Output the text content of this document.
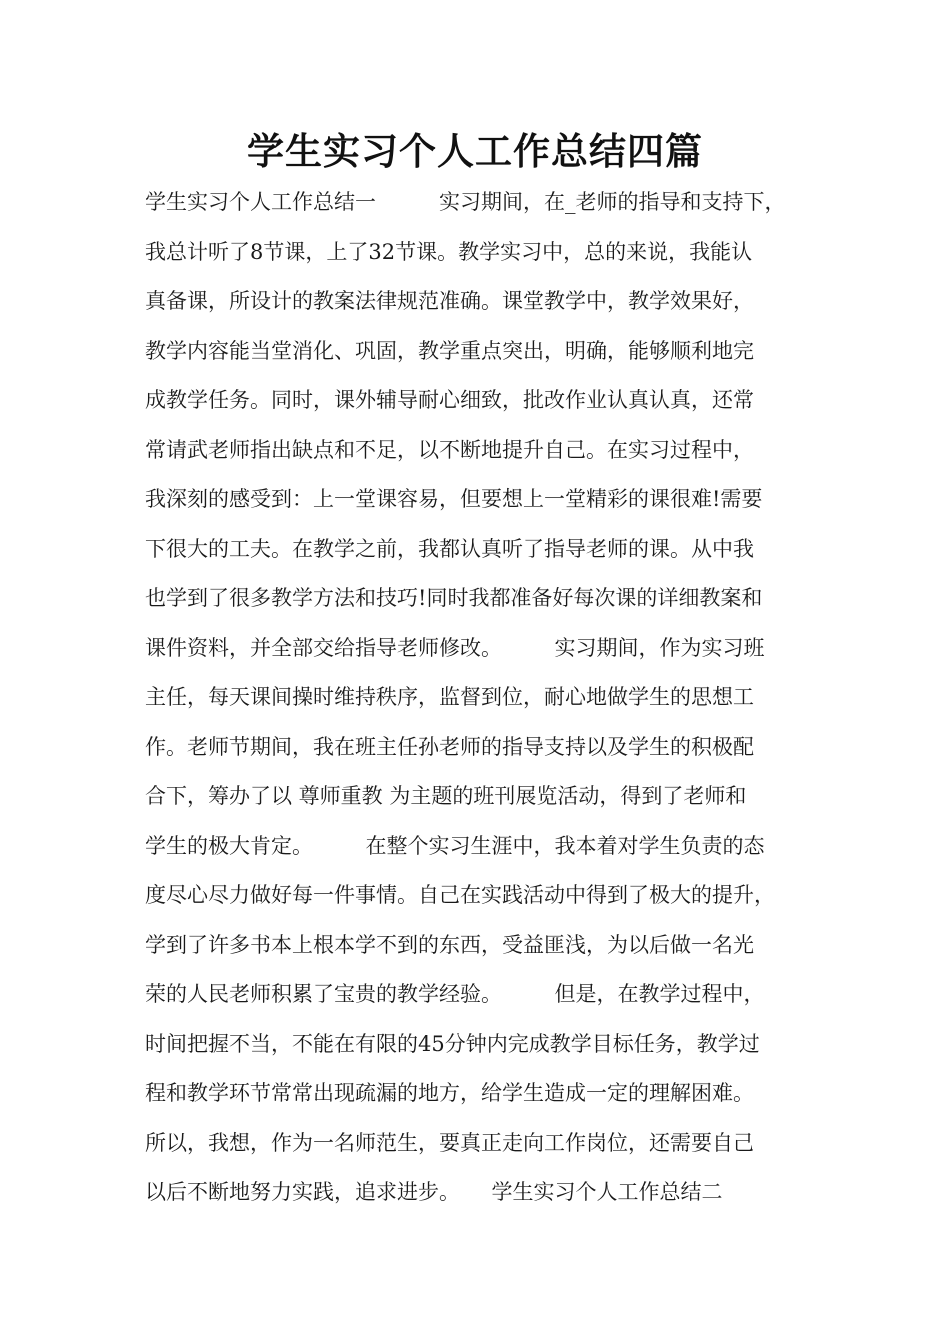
学生实习个人工作总结四篇
学生实习个人工作总结一　　　实习期间，在_老师的指导和支持下，
我总计听了8节课，上了32节课。教学实习中，总的来说，我能认
真备课，所设计的教案法律规范准确。课堂教学中，教学效果好，
教学内容能当堂消化、巩固，教学重点突出，明确，能够顺利地完
成教学任务。同时，课外辅导耐心细致，批改作业认真认真，还常
常请武老师指出缺点和不足，以不断地提升自己。在实习过程中，
我深刻的感受到：上一堂课容易，但要想上一堂精彩的课很难!需要
下很大的工夫。在教学之前，我都认真听了指导老师的课。从中我
也学到了很多教学方法和技巧!同时我都准备好每次课的详细教案和
课件资料，并全部交给指导老师修改。　　　实习期间，作为实习班
主任，每天课间操时维持秩序，监督到位，耐心地做学生的思想工
作。老师节期间，我在班主任孙老师的指导支持以及学生的积极配
合下，筹办了以 尊师重教 为主题的班刊展览活动，得到了老师和
学生的极大肯定。　　　在整个实习生涯中，我本着对学生负责的态
度尽心尽力做好每一件事情。自己在实践活动中得到了极大的提升，
学到了许多书本上根本学不到的东西，受益匪浅，为以后做一名光
荣的人民老师积累了宝贵的教学经验。　　　但是，在教学过程中，
时间把握不当，不能在有限的45分钟内完成教学目标任务，教学过
程和教学环节常常出现疏漏的地方，给学生造成一定的理解困难。
所以，我想，作为一名师范生，要真正走向工作岗位，还需要自己
以后不断地努力实践，追求进步。　　学生实习个人工作总结二
